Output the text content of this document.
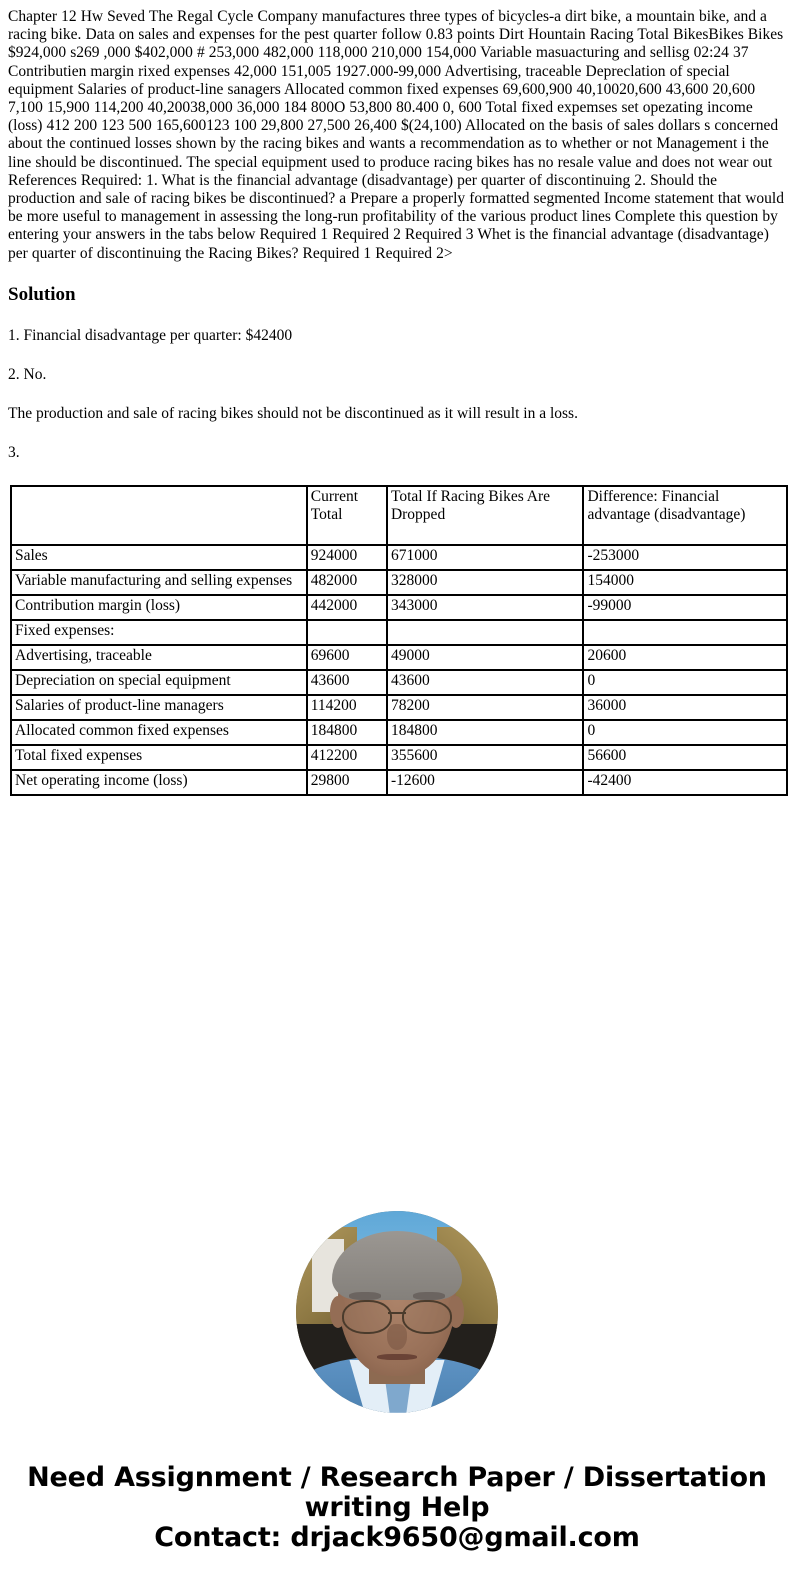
Chapter 12 Hw Seved The Regal Cycle Company manufactures three types of bicycles-a dirt bike, a mountain bike, and a racing bike. Data on sales and expenses for the pest quarter follow 0.83 points Dirt Hountain Racing Total BikesBikes Bikes $924,000 s269 ,000 $402,000 # 253,000 482,000 118,000 210,000 154,000 Variable masuacturing and sellisg 02:24 37 Contributien margin rixed expenses 42,000 151,005 1927.000-99,000 Advertising, traceable Depreclation of special equipment Salaries of product-line sanagers Allocated common fixed expenses 69,600,900 40,10020,600 43,600 20,600 7,100 15,900 114,200 40,20038,000 36,000 184 800O 53,800 80.400 0, 600 Total fixed expemses set opezating income (loss) 412 200 123 500 165,600123 100 29,800 27,500 26,400 $(24,100) Allocated on the basis of sales dollars s concerned about the continued losses shown by the racing bikes and wants a recommendation as to whether or not Management i the line should be discontinued. The special equipment used to produce racing bikes has no resale value and does not wear out References Required: 1. What is the financial advantage (disadvantage) per quarter of discontinuing 2. Should the production and sale of racing bikes be discontinued? a Prepare a properly formatted segmented Income statement that would be more useful to management in assessing the long-run profitability of the various product lines Complete this question by entering your answers in the tabs below Required 1 Required 2 Required 3 Whet is the financial advantage (disadvantage) per quarter of discontinuing the Racing Bikes? Required 1 Required 2>

Solution

1. Financial disadvantage per quarter: $42400

2. No.

The production and sale of racing bikes should not be discontinued as it will result in a loss.

3.

	Current Total	Total If Racing Bikes Are Dropped	Difference: Financial advantage (disadvantage)
Sales	924000	671000	-253000
Variable manufacturing and selling expenses	482000	328000	154000
Contribution margin (loss)	442000	343000	-99000
Fixed expenses:			
Advertising, traceable	69600	49000	20600
Depreciation on special equipment	43600	43600	0
Salaries of product-line managers	114200	78200	36000
Allocated common fixed expenses	184800	184800	0
Total fixed expenses	412200	355600	56600
Net operating income (loss)	29800	-12600	-42400
Need Assignment / Research Paper / Dissertation
writing Help
Contact: drjack9650@gmail.com
